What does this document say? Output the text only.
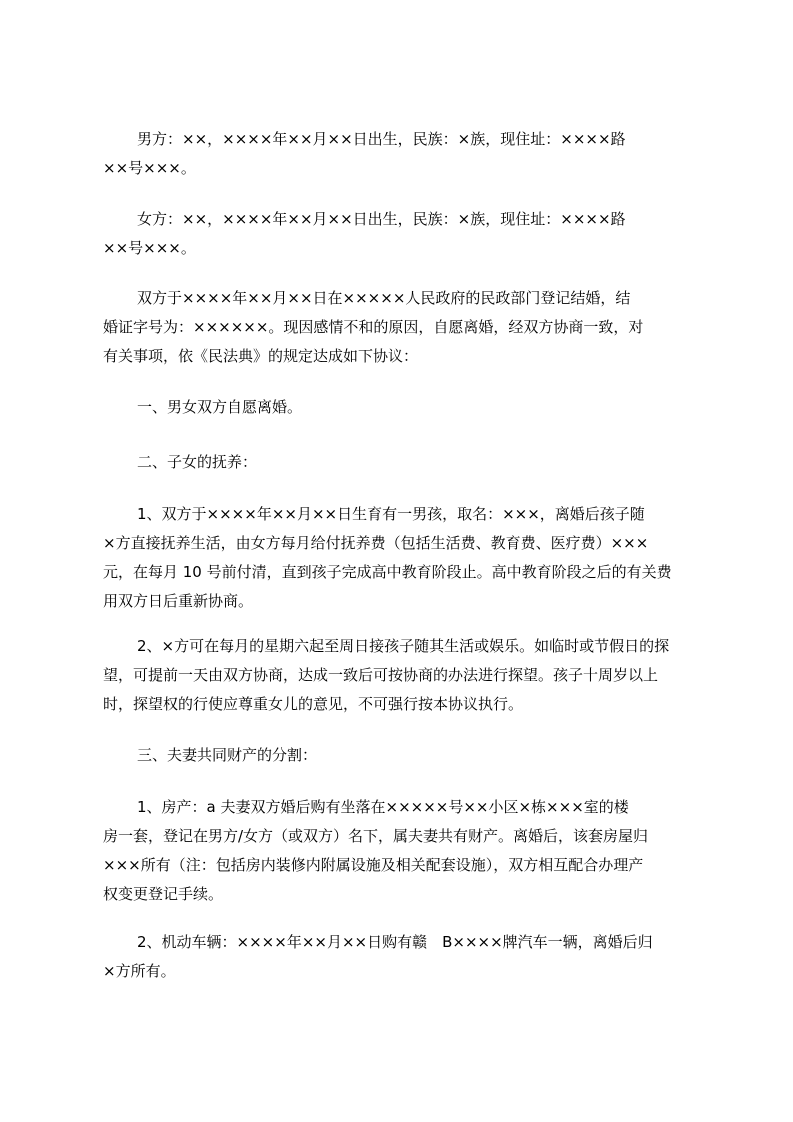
男方：××，××××年××月××日出生，民族：×族，现住址：××××路
××号×××。
女方：××，××××年××月××日出生，民族：×族，现住址：××××路
××号×××。
双方于××××年××月××日在×××××人民政府的民政部门登记结婚，结
婚证字号为：××××××。现因感情不和的原因，自愿离婚，经双方协商一致，对
有关事项，依《民法典》的规定达成如下协议：
一、男女双方自愿离婚。
二、子女的抚养：
1、双方于××××年××月××日生育有一男孩，取名：×××，离婚后孩子随
×方直接抚养生活，由女方每月给付抚养费（包括生活费、教育费、医疗费）×××
元，在每月 10 号前付清，直到孩子完成高中教育阶段止。高中教育阶段之后的有关费
用双方日后重新协商。
2、×方可在每月的星期六起至周日接孩子随其生活或娱乐。如临时或节假日的探
望，可提前一天由双方协商，达成一致后可按协商的办法进行探望。孩子十周岁以上
时，探望权的行使应尊重女儿的意见，不可强行按本协议执行。
三、夫妻共同财产的分割：
1、房产：a 夫妻双方婚后购有坐落在×××××号××小区×栋×××室的楼
房一套，登记在男方/女方（或双方）名下，属夫妻共有财产。离婚后，该套房屋归
×××所有（注：包括房内装修内附属设施及相关配套设施），双方相互配合办理产
权变更登记手续。
2、机动车辆：××××年××月××日购有赣　B××××牌汽车一辆，离婚后归
×方所有。
